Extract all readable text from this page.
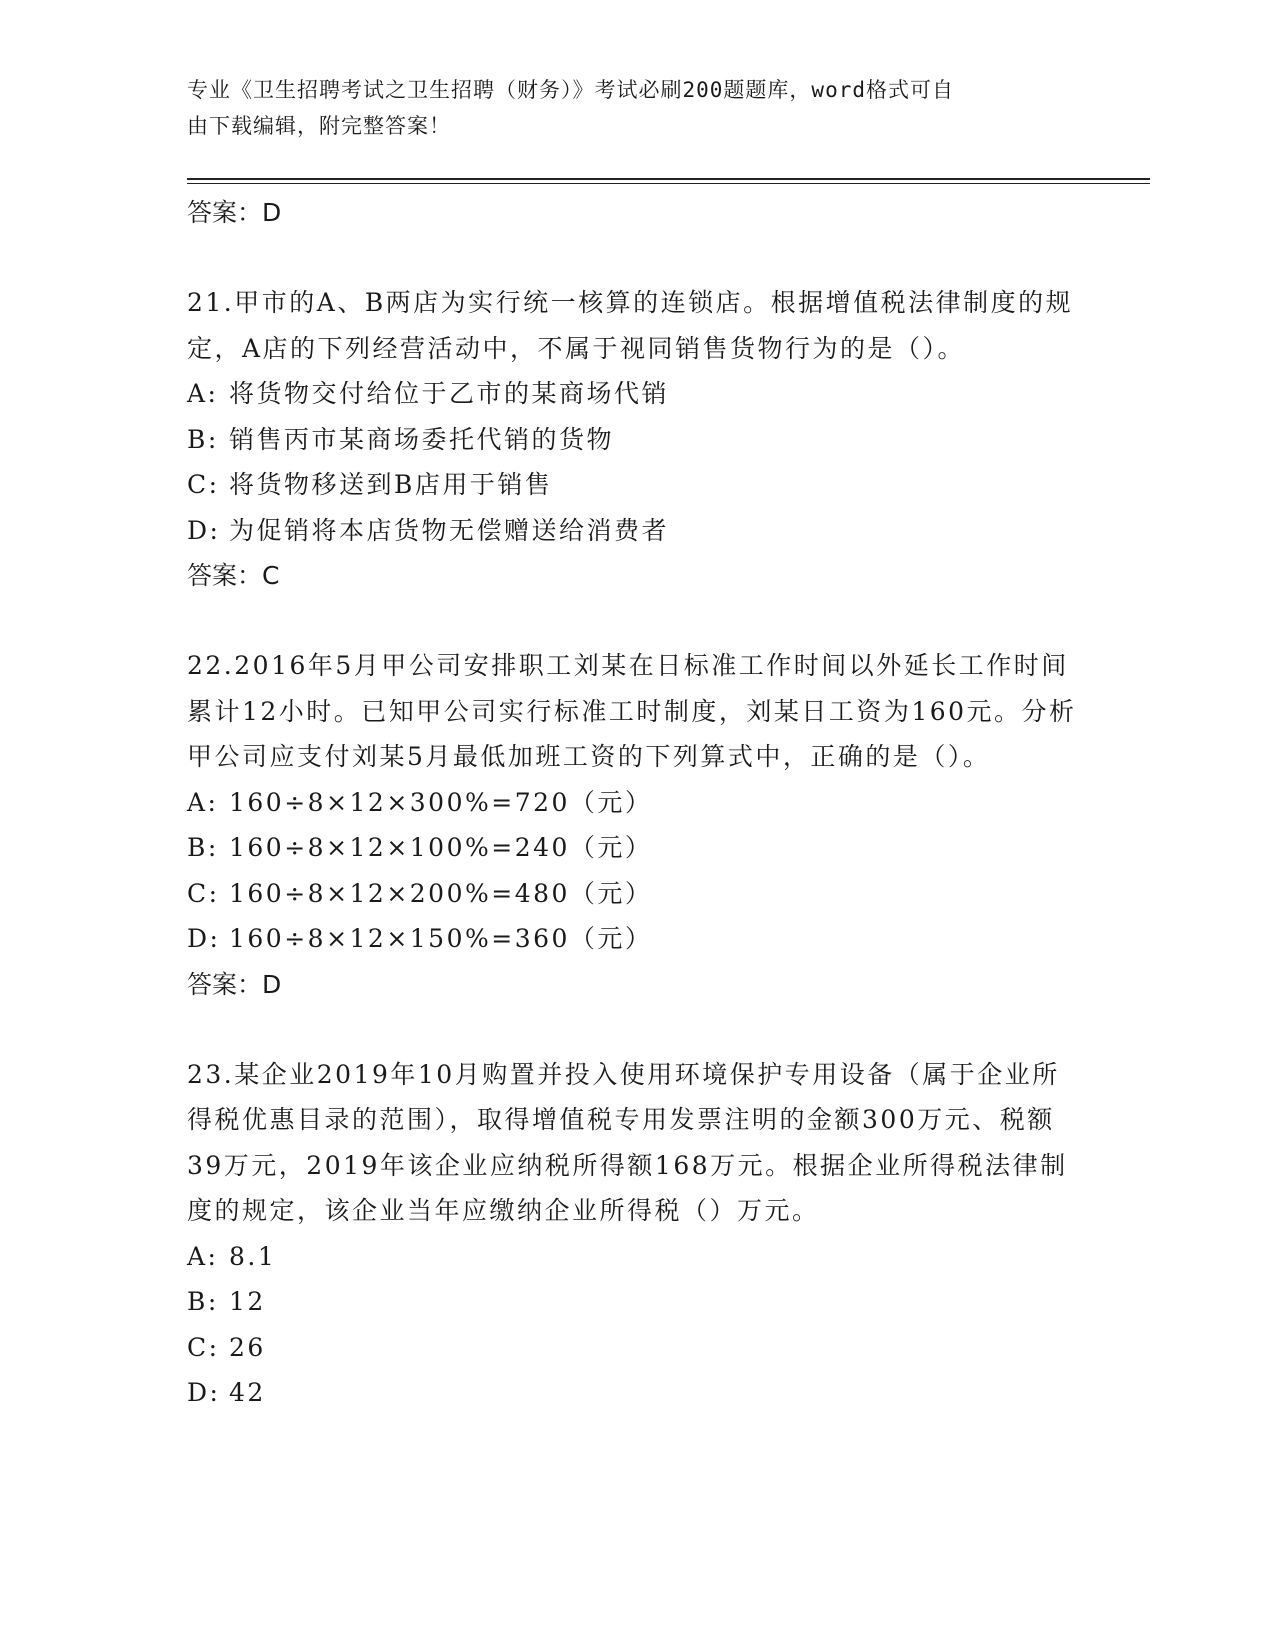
专业《卫生招聘考试之卫生招聘（财务）》考试必刷200题题库，word格式可自
由下载编辑，附完整答案！

答案：D

21.甲市的A、B两店为实行统一核算的连锁店。根据增值税法律制度的规定，A店的下列经营活动中，不属于视同销售货物行为的是（）。

A: 将货物交付给位于乙市的某商场代销
B: 销售丙市某商场委托代销的货物
C: 将货物移送到B店用于销售
D: 为促销将本店货物无偿赠送给消费者

答案：C

22.2016年5月甲公司安排职工刘某在日标准工作时间以外延长工作时间累计12小时。已知甲公司实行标准工时制度，刘某日工资为160元。分析甲公司应支付刘某5月最低加班工资的下列算式中，正确的是（）。

A: 160÷8×12×300%=720（元）
B: 160÷8×12×100%=240（元）
C: 160÷8×12×200%=480（元）
D: 160÷8×12×150%=360（元）

答案：D

23.某企业2019年10月购置并投入使用环境保护专用设备（属于企业所得税优惠目录的范围），取得增值税专用发票注明的金额300万元、税额39万元，2019年该企业应纳税所得额168万元。根据企业所得税法律制度的规定，该企业当年应缴纳企业所得税（）万元。

A: 8.1
B: 12
C: 26
D: 42
